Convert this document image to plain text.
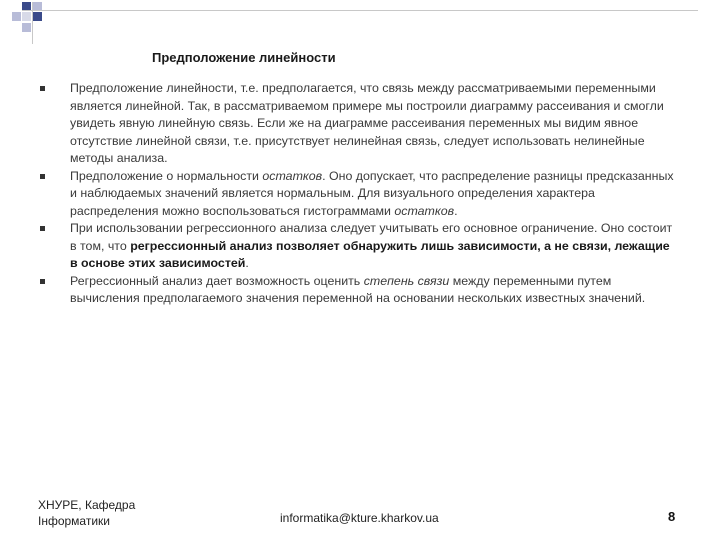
Предположение линейности
Предположение линейности, т.е. предполагается, что связь между рассматриваемыми переменными является линейной. Так, в рассматриваемом примере мы построили диаграмму рассеивания и смогли увидеть явную линейную связь. Если же на диаграмме рассеивания переменных мы видим явное отсутствие линейной связи, т.е. присутствует нелинейная связь, следует использовать нелинейные методы анализа.
Предположение о нормальности остатков. Оно допускает, что распределение разницы предсказанных и наблюдаемых значений является нормальным. Для визуального определения характера распределения можно воспользоваться гистограммами остатков.
При использовании регрессионного анализа следует учитывать его основное ограничение. Оно состоит в том, что регрессионный анализ позволяет обнаружить лишь зависимости, а не связи, лежащие в основе этих зависимостей.
Регрессионный анализ дает возможность оценить степень связи между переменными путем вычисления предполагаемого значения переменной на основании нескольких известных значений.
ХНУРЕ, Кафедра
Інформатики	informatika@kture.kharkov.ua	8
